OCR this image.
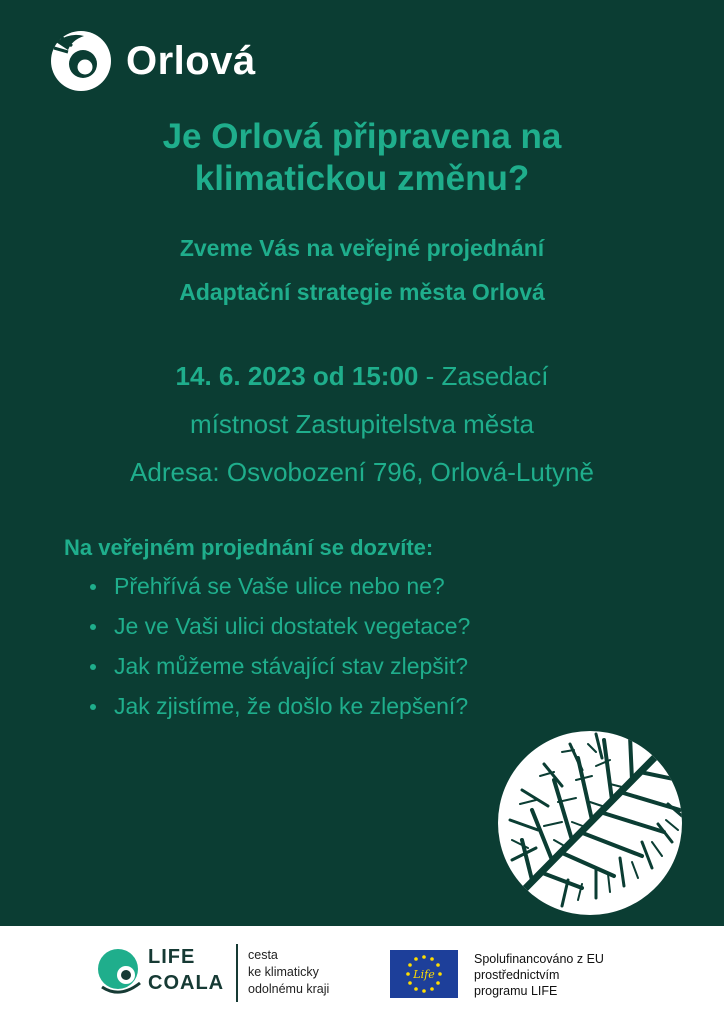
Orlová
Je Orlová připravena na
klimatickou změnu?
Zveme Vás na veřejné projednání
Adaptační strategie města Orlová
14. 6. 2023 od 15:00 - Zasedací
místnost Zastupitelstva města
Adresa: Osvobození 796, Orlová-Lutyně
Na veřejném projednání se dozvíte:
Přehřívá se Vaše ulice nebo ne?
Je ve Vaši ulici dostatek vegetace?
Jak můžeme stávající stav zlepšit?
Jak zjistíme, že došlo ke zlepšení?
LIFE
COALA
cesta
ke klimaticky
odolnému kraji
Life
Spolufinancováno z EU
prostřednictvím
programu LIFE
